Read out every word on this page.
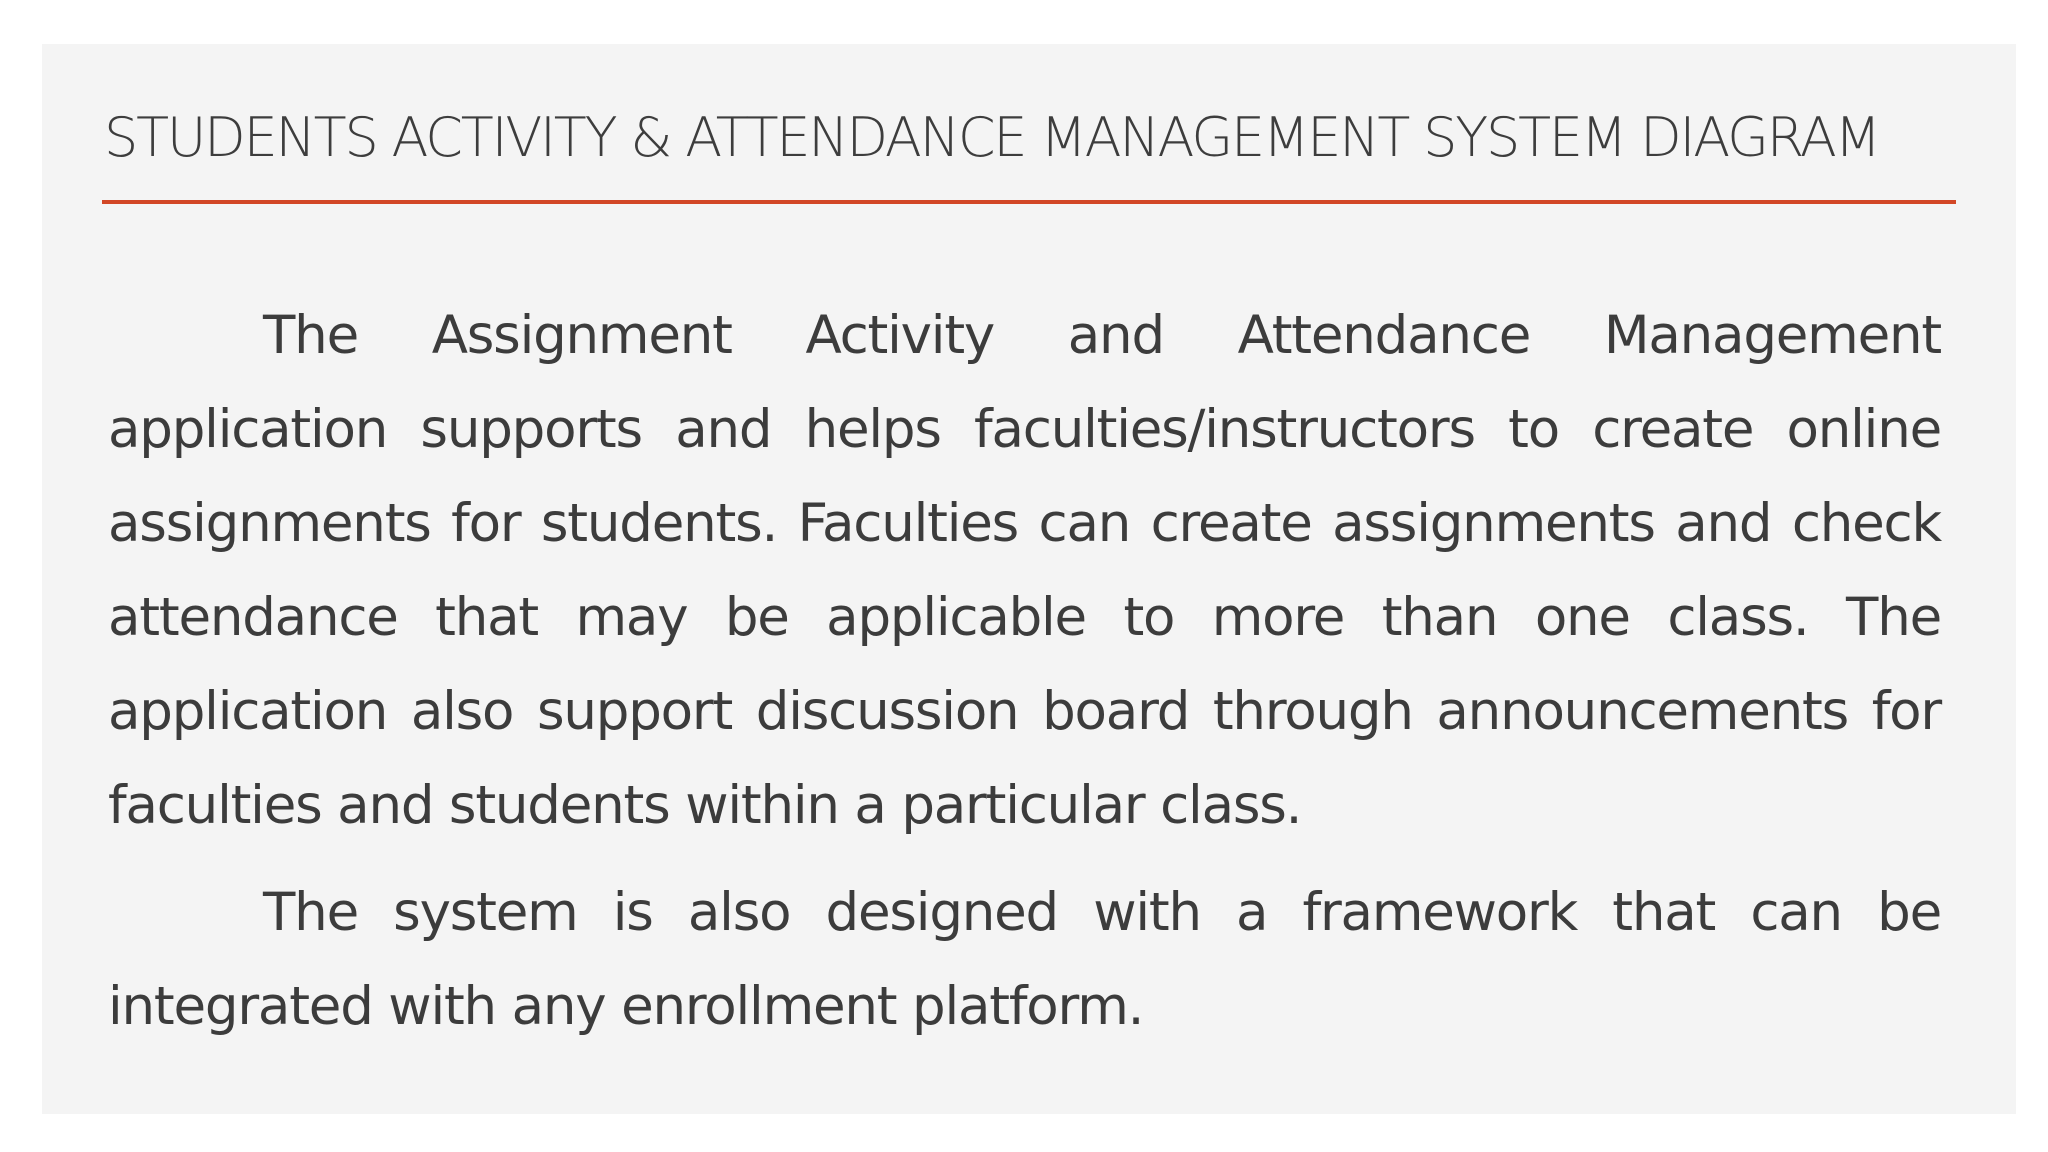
STUDENTS ACTIVITY & ATTENDANCE MANAGEMENT SYSTEM DIAGRAM

The Assignment Activity and Attendance Management application supports and helps faculties/instructors to create online assignments for students. Faculties can create assignments and check attendance that may be applicable to more than one class. The application also support discussion board through announcements for faculties and students within a particular class.

The system is also designed with a framework that can be integrated with any enrollment platform.
